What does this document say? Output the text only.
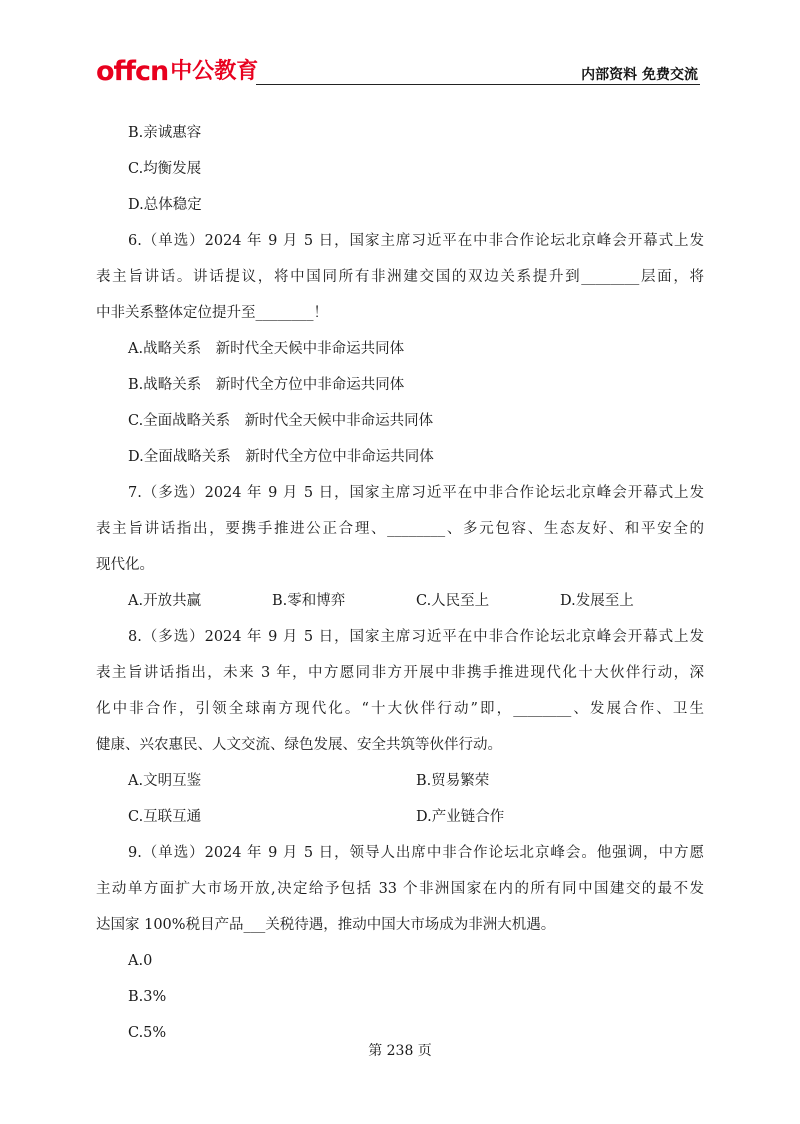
offcn 中公教育	内部资料 免费交流
B.亲诚惠容
C.均衡发展
D.总体稳定
6.（单选）2024 年 9 月 5 日，国家主席习近平在中非合作论坛北京峰会开幕式上发
表主旨讲话。讲话提议，将中国同所有非洲建交国的双边关系提升到________层面，将
中非关系整体定位提升至________！
A.战略关系　新时代全天候中非命运共同体
B.战略关系　新时代全方位中非命运共同体
C.全面战略关系　新时代全天候中非命运共同体
D.全面战略关系　新时代全方位中非命运共同体
7.（多选）2024 年 9 月 5 日，国家主席习近平在中非合作论坛北京峰会开幕式上发
表主旨讲话指出，要携手推进公正合理、________、多元包容、生态友好、和平安全的
现代化。
A.开放共赢	B.零和博弈	C.人民至上	D.发展至上
8.（多选）2024 年 9 月 5 日，国家主席习近平在中非合作论坛北京峰会开幕式上发
表主旨讲话指出，未来 3 年，中方愿同非方开展中非携手推进现代化十大伙伴行动，深
化中非合作，引领全球南方现代化。“十大伙伴行动”即，________、发展合作、卫生
健康、兴农惠民、人文交流、绿色发展、安全共筑等伙伴行动。
A.文明互鉴	B.贸易繁荣
C.互联互通	D.产业链合作
9.（单选）2024 年 9 月 5 日，领导人出席中非合作论坛北京峰会。他强调，中方愿
主动单方面扩大市场开放,决定给予包括 33 个非洲国家在内的所有同中国建交的最不发
达国家 100%税目产品___关税待遇，推动中国大市场成为非洲大机遇。
A.0
B.3%
C.5%
第 238 页
